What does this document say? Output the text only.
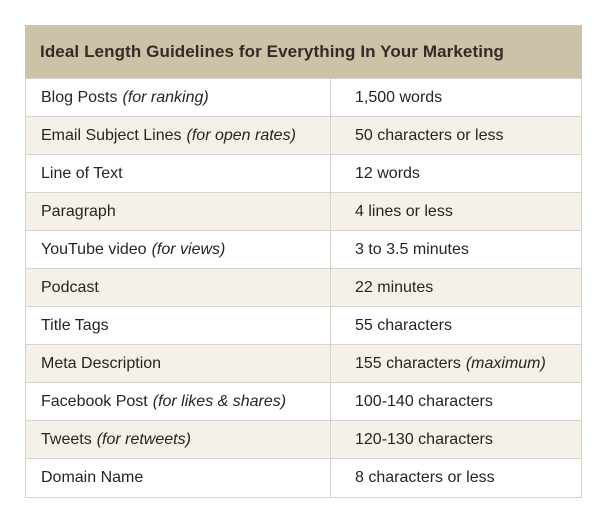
Ideal Length Guidelines for Everything In Your Marketing
Blog Posts (for ranking)	1,500 words
Email Subject Lines (for open rates)	50 characters or less
Line of Text	12 words
Paragraph	4 lines or less
YouTube video (for views)	3 to 3.5 minutes
Podcast	22 minutes
Title Tags	55 characters
Meta Description	155 characters (maximum)
Facebook Post (for likes & shares)	100-140 characters
Tweets (for retweets)	120-130 characters
Domain Name	8 characters or less
